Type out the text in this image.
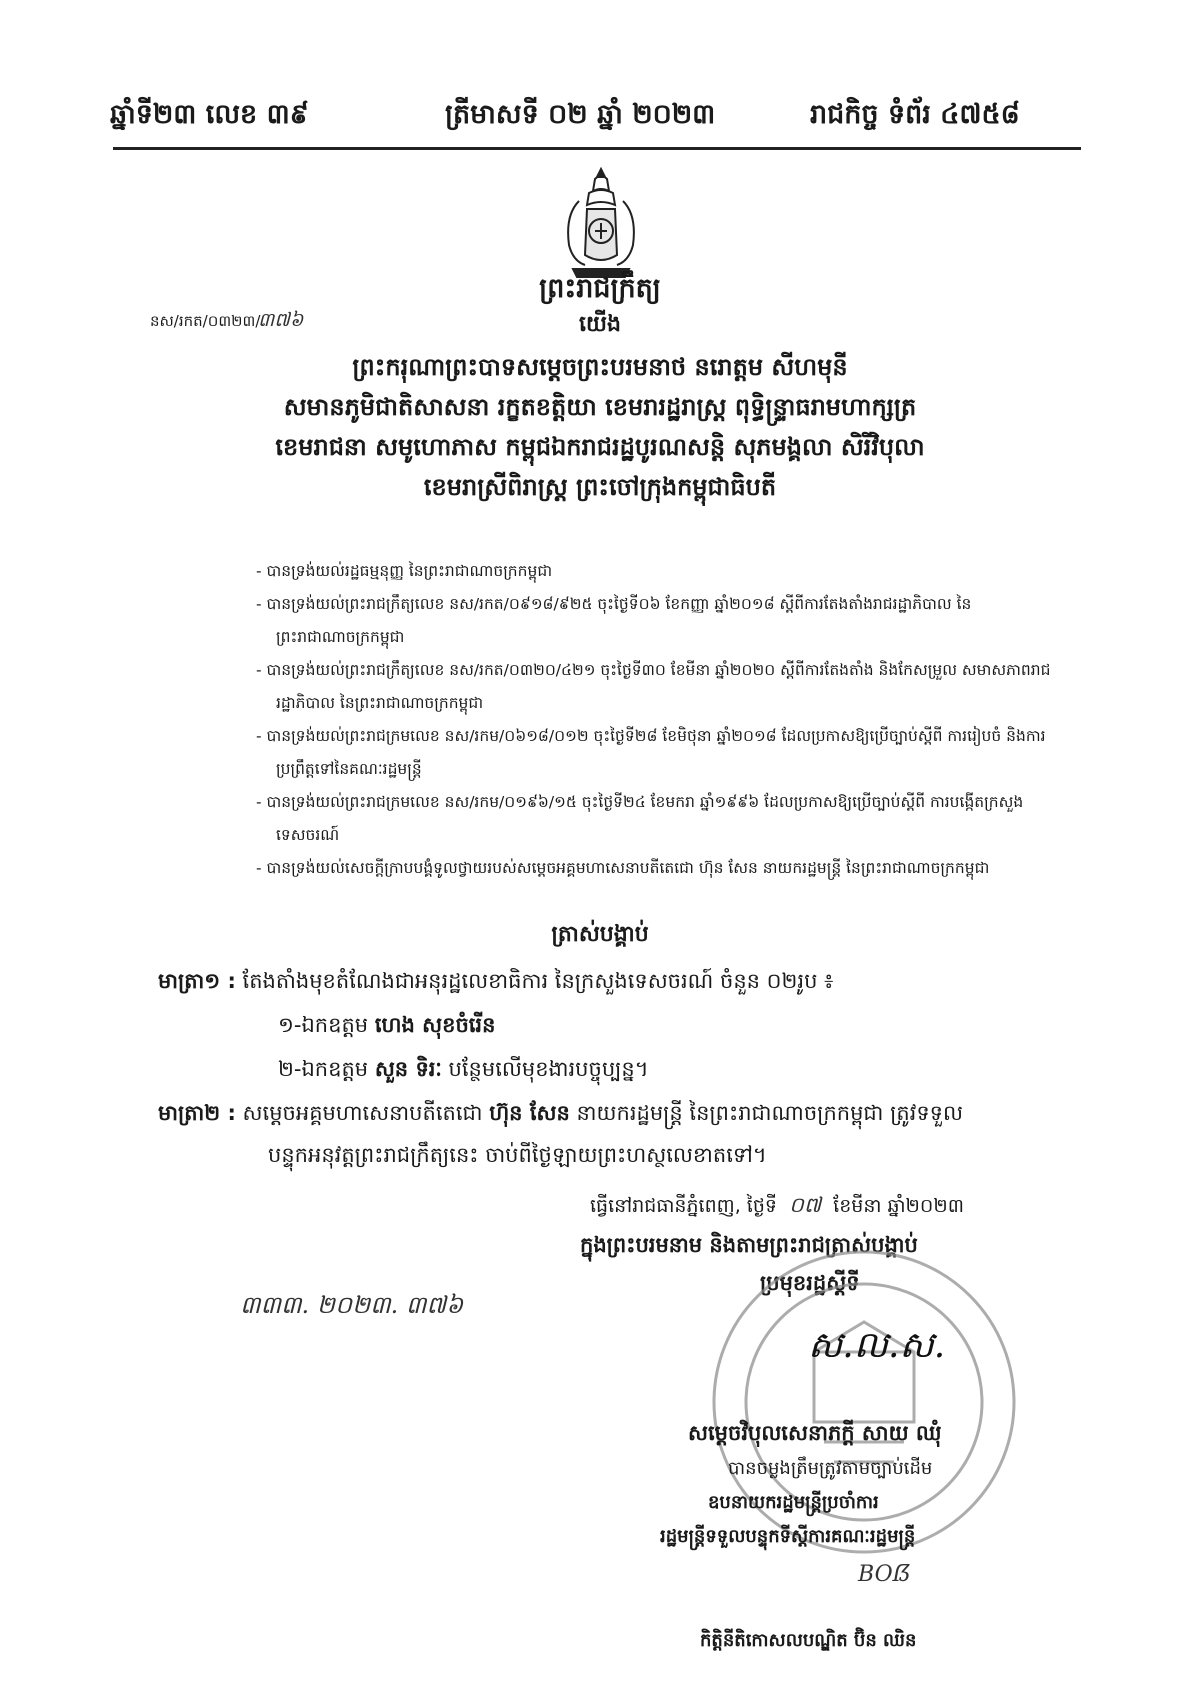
ឆ្នាំទី២៣ លេខ ៣៩	ត្រីមាសទី ០២ ឆ្នាំ ២០២៣	រាជកិច្ច ទំព័រ ៤៧៥៨
ព្រះរាជក្រឹត្យ
នស/រកត/០៣២៣/
៣៧៦	យើង
ព្រះករុណាព្រះបាទសម្តេចព្រះបរមនាថ នរោត្តម សីហមុនី
សមានភូមិជាតិសាសនា រក្ខតខត្តិយា ខេមរារដ្ឋរាស្ត្រ ពុទ្ធិន្ទ្រាធរាមហាក្សត្រ
ខេមរាជនា សមូហោភាស កម្ពុជឯករាជរដ្ឋបូរណសន្តិ សុភមង្គលា សិរីវិបុលា
ខេមរាស្រីពិរាស្ត្រ ព្រះចៅក្រុងកម្ពុជាធិបតី
- បានទ្រង់យល់រដ្ឋធម្មនុញ្ញ នៃព្រះរាជាណាចក្រកម្ពុជា
- បានទ្រង់យល់ព្រះរាជក្រឹត្យលេខ នស/រកត/០៩១៨/៩២៥ ចុះថ្ងៃទី០៦ ខែកញ្ញា ឆ្នាំ២០១៨ ស្តីពីការតែងតាំងរាជរដ្ឋាភិបាល នៃព្រះរាជាណាចក្រកម្ពុជា
- បានទ្រង់យល់ព្រះរាជក្រឹត្យលេខ នស/រកត/០៣២០/៤២១ ចុះថ្ងៃទី៣០ ខែមីនា ឆ្នាំ២០២០ ស្តីពីការតែងតាំង និងកែសម្រួល សមាសភាពរាជរដ្ឋាភិបាល នៃព្រះរាជាណាចក្រកម្ពុជា
- បានទ្រង់យល់ព្រះរាជក្រមលេខ នស/រកម/០៦១៨/០១២ ចុះថ្ងៃទី២៨ ខែមិថុនា ឆ្នាំ២០១៨ ដែលប្រកាសឱ្យប្រើច្បាប់ស្តីពី ការរៀបចំ និងការប្រព្រឹត្តទៅនៃគណៈរដ្ឋមន្ត្រី
- បានទ្រង់យល់ព្រះរាជក្រមលេខ នស/រកម/០១៩៦/១៥ ចុះថ្ងៃទី២៤ ខែមករា ឆ្នាំ១៩៩៦ ដែលប្រកាសឱ្យប្រើច្បាប់ស្តីពី ការបង្កើតក្រសួងទេសចរណ៍
- បានទ្រង់យល់សេចក្តីក្រាបបង្គំទូលថ្វាយរបស់សម្តេចអគ្គមហាសេនាបតីតេជោ ហ៊ុន សែន នាយករដ្ឋមន្ត្រី នៃព្រះរាជាណាចក្រកម្ពុជា
ត្រាស់បង្គាប់
មាត្រា១ : តែងតាំងមុខតំណែងជាអនុរដ្ឋលេខាធិការ នៃក្រសួងទេសចរណ៍ ចំនួន ០២រូប ៖
១-ឯកឧត្តម ហេង សុខចំរើន
២-ឯកឧត្តម សួន ទិរៈ បន្ថែមលើមុខងារបច្ចុប្បន្ន។
មាត្រា២ : សម្តេចអគ្គមហាសេនាបតីតេជោ ហ៊ុន សែន នាយករដ្ឋមន្ត្រី នៃព្រះរាជាណាចក្រកម្ពុជា ត្រូវទទួល
បន្ទុកអនុវត្តព្រះរាជក្រឹត្យនេះ ចាប់ពីថ្ងៃឡាយព្រះហស្ថលេខាតទៅ។
ធ្វើនៅរាជធានីភ្នំពេញ, ថ្ងៃទី ០៧ ខែមីនា ឆ្នាំ២០២៣
ក្នុងព្រះបរមនាម និងតាមព្រះរាជត្រាស់បង្គាប់
ប្រមុខរដ្ឋស្តីទី
៣៣៣. ២០២៣. ៣៧៦
ស.ល.ស.
សម្តេចវិបុលសេនាភក្តី សាយ ឈុំ
បានចម្លងត្រឹមត្រូវតាមច្បាប់ដើម
ឧបនាយករដ្ឋមន្ត្រីប្រចាំការ
រដ្ឋមន្ត្រីទទួលបន្ទុកទីស្តីការគណៈរដ្ឋមន្ត្រី
BOẞ
កិត្តិនីតិកោសលបណ្ឌិត ប៊ិន ឈិន
